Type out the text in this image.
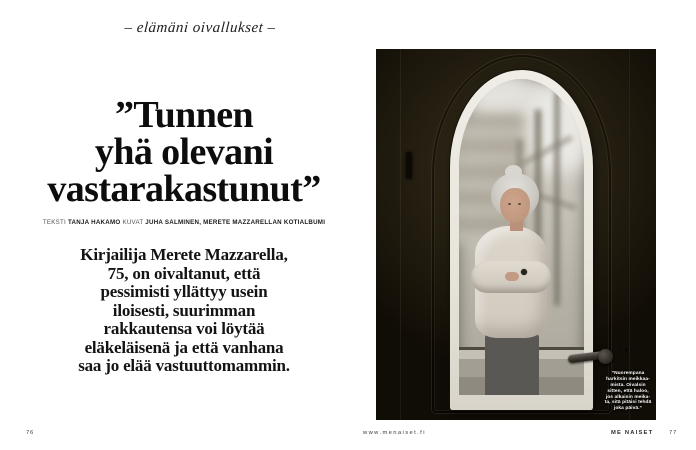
– elämäni oivallukset –
”Tunnen
yhä olevani
vastarakastunut”
TEKSTI TANJA HAKAMO KUVAT JUHA SALMINEN, MERETE MAZZARELLAN KOTIALBUMI
Kirjailija Merete Mazzarella,
75, on oivaltanut, että
pessimisti yllättyy usein
iloisesti, suurimman
rakkautensa voi löytää
eläkeläisenä ja että vanhana
saa jo elää vastuuttomammin.
76
”Nuorempana
harkitsin meikkaa-
mista. Oivalsin
sitten, että haloo,
jos alkaisin meika-
ta, sitä pitäisi tehdä
joka päivä.”
www.menaiset.fi	ME NAISET	77
